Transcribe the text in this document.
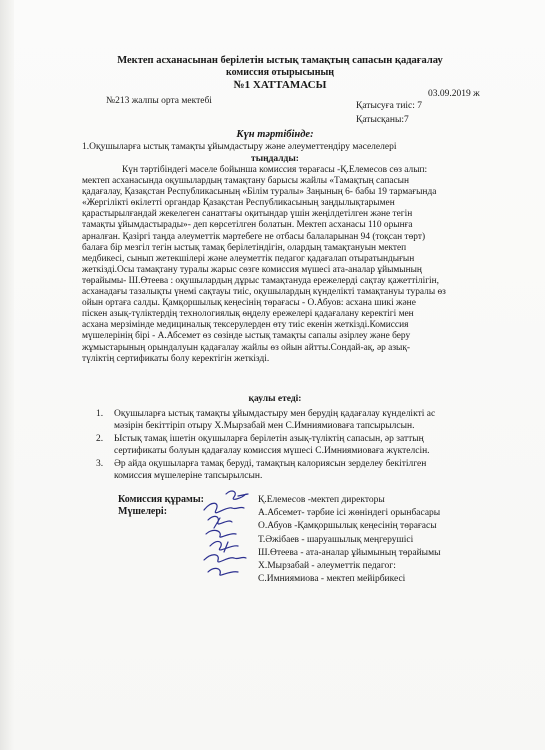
Мектеп асханасынан берілетін ыстық тамақтың сапасын қадағалау
комиссия отырысының
№1 ХАТТАМАСЫ
03.09.2019 ж
№213 жалпы орта мектебі	Қатысуға тиіс: 7
Қатысқаны:7
Күн тәртібінде:
1.Оқушыларға ыстық тамақты ұйымдастыру және әлеуметтендіру мәселелері
тыңдалды:
Күн тәртібіндегі мәселе бойынша комиссия төрағасы -Қ.Елемесов сөз алып:
мектеп асханасында оқушылардың тамақтану барысы жайлы «Тамақтың сапасын
қадағалау, Қазақстан Республикасының «Білім туралы» Заңының 6- бабы 19 тармағында
«Жергілікті өкілетті органдар Қазақстан Республикасының заңдылықтарымен
қарастырылғандай жекелеген санаттағы оқитындар үшін жеңілдетілген және тегін
тамақты ұйымдастырады»- деп көрсетілген болатын. Мектеп асханасы 110 орынға
арналған. Қазіргі таңда әлеуметтік мәртебеге не отбасы балаларынан 94 (тоқсан төрт)
балаға бір мезгіл тегін ыстық тамақ берілетіндігін, олардың тамақтануын мектеп
медбикесі, сынып жетекшілері және әлеуметтік педагог қадағалап отыратындығын
жеткізді.Осы тамақтану туралы жарыс сөзге комиссия мүшесі ата-аналар ұйымының
төрайымы- Ш.Өтеева : оқушылардың дұрыс тамақтануда ережелерді сақтау қажеттілігін,
асханадағы тазалықты үнемі сақтауы тиіс, оқушылардың күнделікті тамақтануы туралы өз
ойын ортаға салды. Қамқоршылық кеңесінің төрағасы - О.Абуов: асхана шикі және
піскен азық-түліктердің технологиялық өңделу ережелері қадағалану керектігі мен
асхана мерзімінде медициналық тексерулерден өту тиіс екенін жеткізді.Комиссия
мүшелерінің бірі - А.Абсемет өз сөзінде ыстық тамақты сапалы әзірлеу және беру
жұмыстарының орындалуын қадағалау жайлы өз ойын айтты.Сондай-ақ, әр азық-
түліктің сертификаты болу керектігін жеткізді.
қаулы етеді:
1. Оқушыларға ыстық тамақты ұйымдастыру мен берудің қадағалау күнделікті ас
мәзірін бекіттіріп отыру Х.Мырзабай мен С.Имниямиоваға тапсырылсын.
2. Ыстық тамақ ішетін оқушыларға берілетін азық-түліктің сапасын, әр заттың
сертификаты болуын қадағалау комиссия мүшесі С.Имниямиоваға жүктелсін.
3. Әр айда оқушыларға тамақ беруді, тамақтың калориясын зерделеу бекітілген
комиссия мүшелеріне тапсырылсын.
Комиссия құрамы:
Мүшелері:
Қ.Елемесов -мектеп директоры
А.Абсемет- тәрбие ісі жөніндегі орынбасары
О.Абуов -Қамқоршылық кеңесінің төрағасы
Т.Әжібаев - шаруашылық меңгерушісі
Ш.Өтеева - ата-аналар ұйымының төрайымы
Х.Мырзабай - әлеуметтік педагог:
С.Имниямиова - мектеп мейірбикесі
